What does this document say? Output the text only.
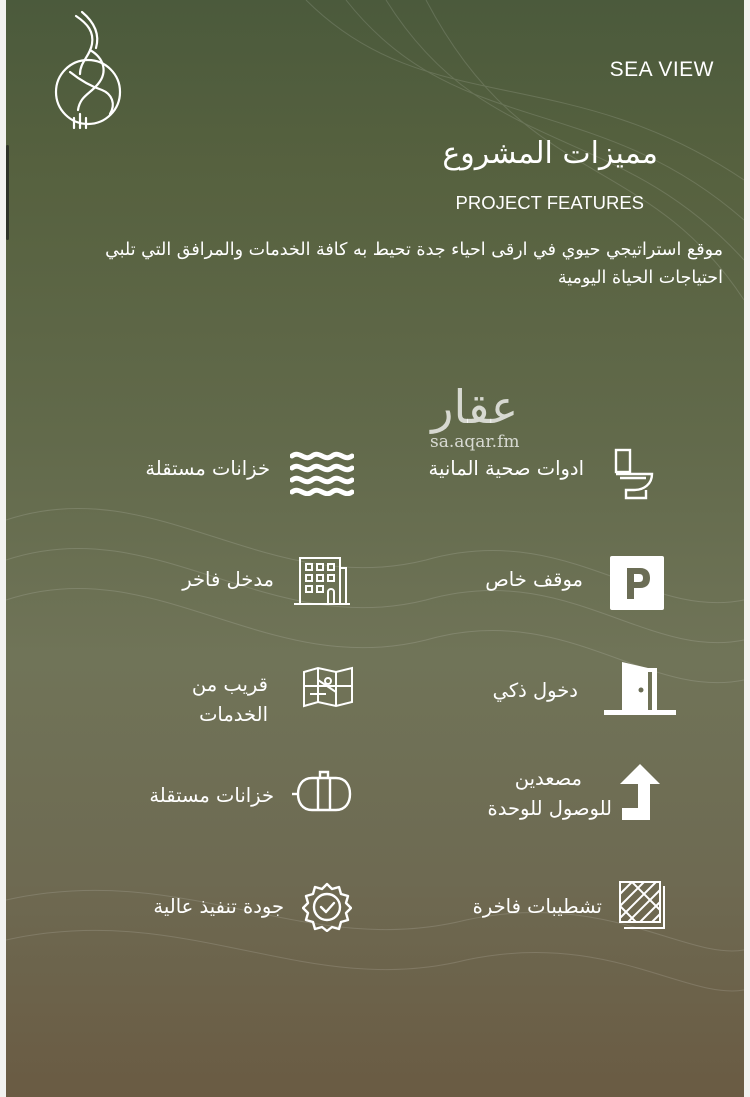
SEA VIEW
مميزات المشروع
PROJECT FEATURES
موقع استراتيجي حيوي في ارقى احياء جدة تحيط به كافة الخدمات والمرافق التي تلبي احتياجات الحياة اليومية
عقار
sa.aqar.fm
ادوات صحية المانية
موقف خاص
دخول ذكي
مصعدين
للوصول للوحدة
تشطيبات فاخرة
خزانات مستقلة
مدخل فاخر
قريب من
الخدمات
خزانات مستقلة
جودة تنفيذ عالية
